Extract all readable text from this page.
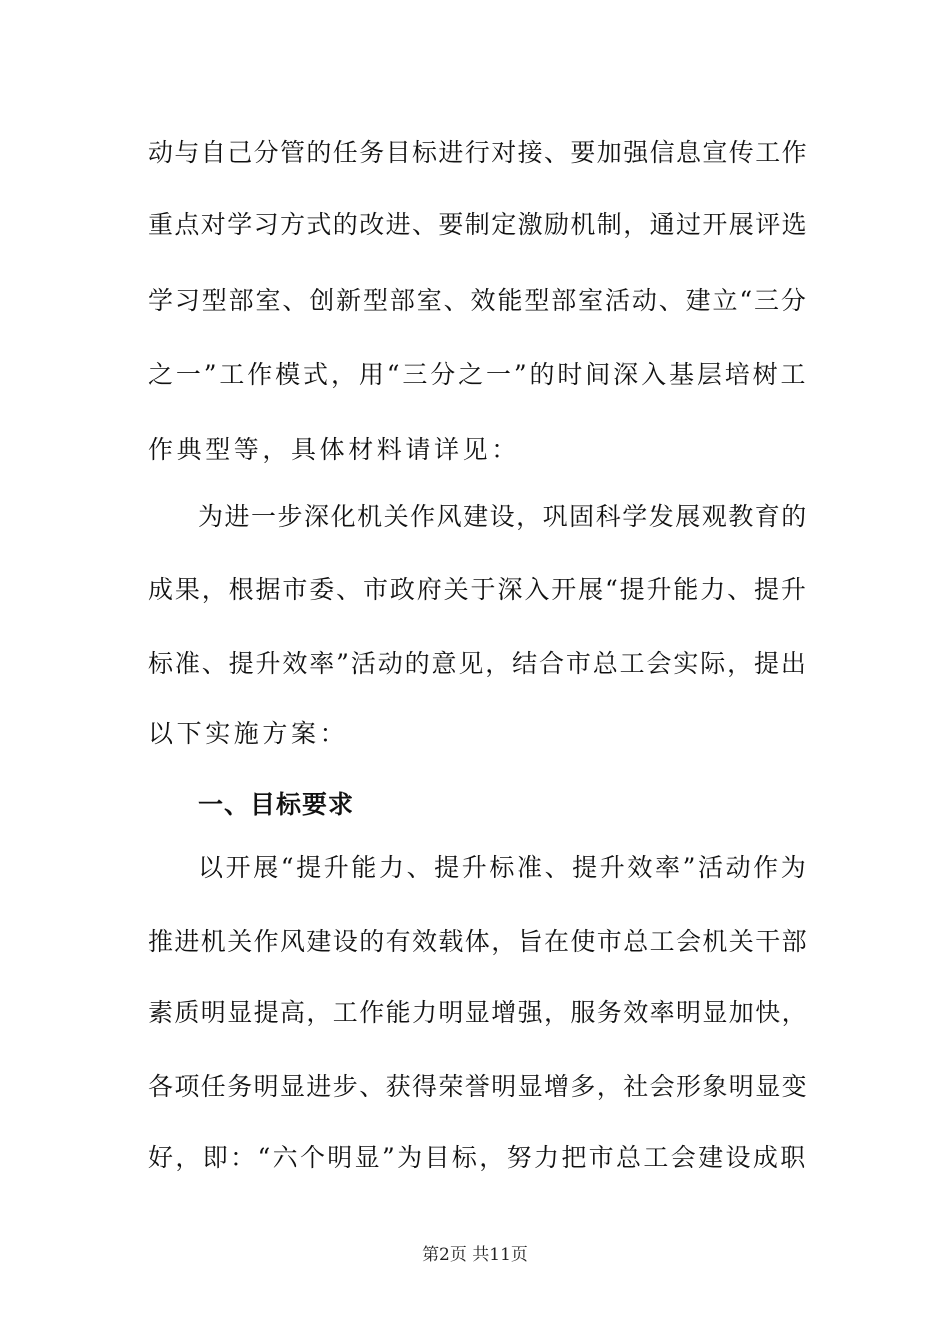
动与自己分管的任务目标进行对接、要加强信息宣传工作
重点对学习方式的改进、要制定激励机制，通过开展评选
学习型部室、创新型部室、效能型部室活动、建立“三分
之一”工作模式，用“三分之一”的时间深入基层培树工
作典型等，具体材料请详见：
为进一步深化机关作风建设，巩固科学发展观教育的
成果，根据市委、市政府关于深入开展“提升能力、提升
标准、提升效率”活动的意见，结合市总工会实际，提出
以下实施方案：
一、目标要求
以开展“提升能力、提升标准、提升效率”活动作为
推进机关作风建设的有效载体，旨在使市总工会机关干部
素质明显提高，工作能力明显增强，服务效率明显加快，
各项任务明显进步、获得荣誉明显增多，社会形象明显变
好，即：“六个明显”为目标，努力把市总工会建设成职
第2页 共11页
